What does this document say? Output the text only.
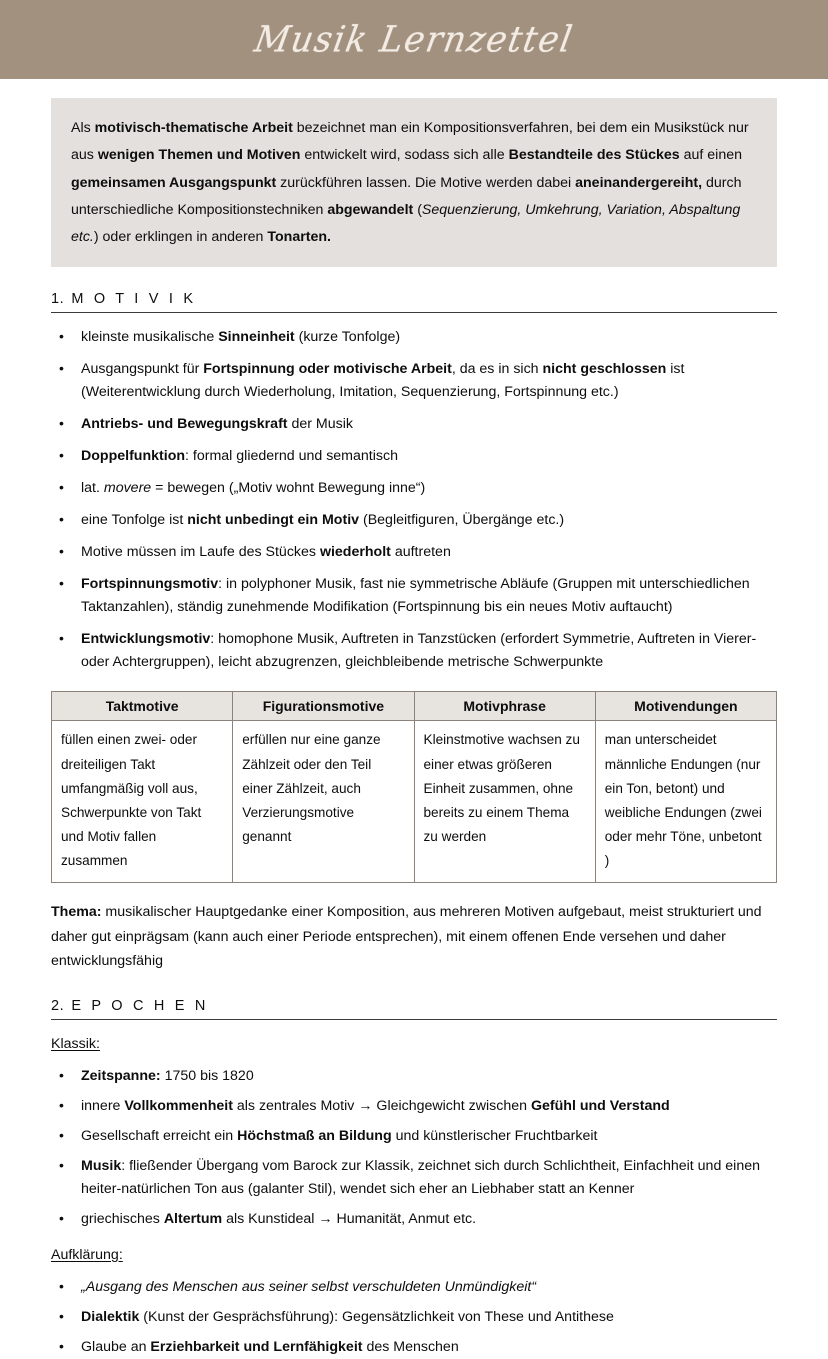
Musik Lernzettel
Als motivisch-thematische Arbeit bezeichnet man ein Kompositionsverfahren, bei dem ein Musikstück nur aus wenigen Themen und Motiven entwickelt wird, sodass sich alle Bestandteile des Stückes auf einen gemeinsamen Ausgangspunkt zurückführen lassen. Die Motive werden dabei aneinandergereiht, durch unterschiedliche Kompositionstechniken abgewandelt (Sequenzierung, Umkehrung, Variation, Abspaltung etc.) oder erklingen in anderen Tonarten.
1. M O T I V I K
• kleinste musikalische Sinneinheit (kurze Tonfolge)
• Ausgangspunkt für Fortspinnung oder motivische Arbeit, da es in sich nicht geschlossen ist (Weiterentwicklung durch Wiederholung, Imitation, Sequenzierung, Fortspinnung etc.)
• Antriebs- und Bewegungskraft der Musik
• Doppelfunktion: formal gliedernd und semantisch
• lat. movere = bewegen („Motiv wohnt Bewegung inne“)
• eine Tonfolge ist nicht unbedingt ein Motiv (Begleitfiguren, Übergänge etc.)
• Motive müssen im Laufe des Stückes wiederholt auftreten
• Fortspinnungsmotiv: in polyphoner Musik, fast nie symmetrische Abläufe (Gruppen mit unterschiedlichen Taktanzahlen), ständig zunehmende Modifikation (Fortspinnung bis ein neues Motiv auftaucht)
• Entwicklungsmotiv: homophone Musik, Auftreten in Tanzstücken (erfordert Symmetrie, Auftreten in Vierer- oder Achtergruppen), leicht abzugrenzen, gleichbleibende metrische Schwerpunkte
Taktmotive	Figurationsmotive	Motivphrase	Motivendungen
füllen einen zwei- oder dreiteiligen Takt umfangmäßig voll aus, Schwerpunkte von Takt und Motiv fallen zusammen	erfüllen nur eine ganze Zählzeit oder den Teil einer Zählzeit, auch Verzierungsmotive genannt	Kleinstmotive wachsen zu einer etwas größeren Einheit zusammen, ohne bereits zu einem Thema zu werden	man unterscheidet männliche Endungen (nur ein Ton, betont) und weibliche Endungen (zwei oder mehr Töne, unbetont )
Thema: musikalischer Hauptgedanke einer Komposition, aus mehreren Motiven aufgebaut, meist strukturiert und daher gut einprägsam (kann auch einer Periode entsprechen), mit einem offenen Ende versehen und daher entwicklungsfähig
2. E P O C H E N
Klassik:
• Zeitspanne: 1750 bis 1820
• innere Vollkommenheit als zentrales Motiv → Gleichgewicht zwischen Gefühl und Verstand
• Gesellschaft erreicht ein Höchstmaß an Bildung und künstlerischer Fruchtbarkeit
• Musik: fließender Übergang vom Barock zur Klassik, zeichnet sich durch Schlichtheit, Einfachheit und einen heiter-natürlichen Ton aus (galanter Stil), wendet sich eher an Liebhaber statt an Kenner
• griechisches Altertum als Kunstideal → Humanität, Anmut etc.
Aufklärung:
• „Ausgang des Menschen aus seiner selbst verschuldeten Unmündigkeit“
• Dialektik (Kunst der Gesprächsführung): Gegensätzlichkeit von These und Antithese
• Glaube an Erziehbarkeit und Lernfähigkeit des Menschen
